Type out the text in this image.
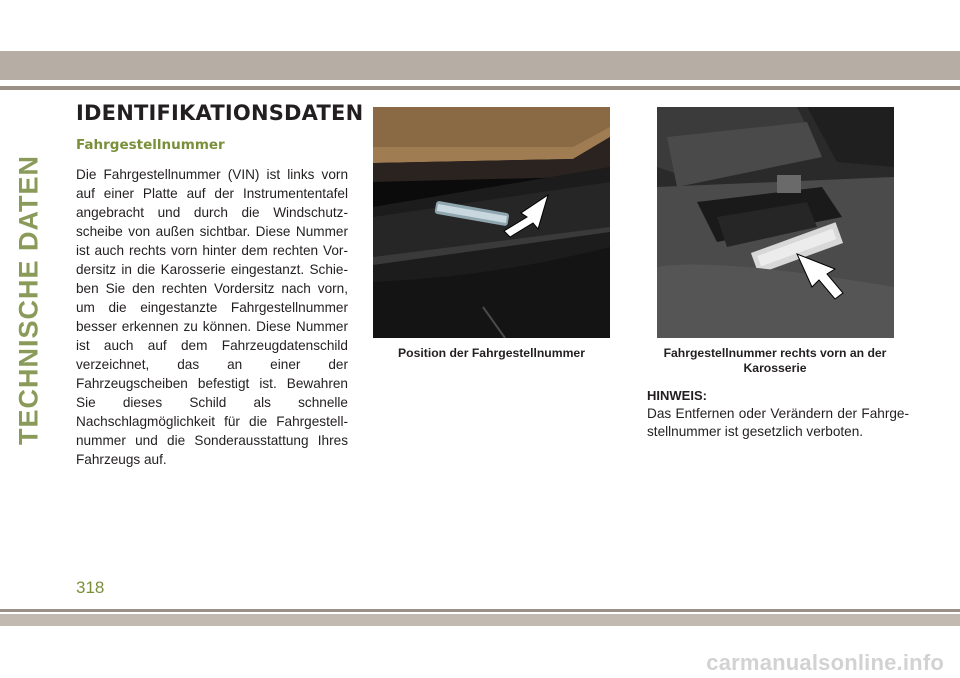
TECHNISCHE DATEN
IDENTIFIKATIONSDATEN
Fahrgestellnummer

Die Fahrgestellnummer (VIN) ist links vorn auf einer Platte auf der Instrumententafel angebracht und durch die Windschutzscheibe von außen sichtbar. Diese Nummer ist auch rechts vorn hinter dem rechten Vordersitz in die Karosserie eingestanzt. Schieben Sie den rechten Vordersitz nach vorn, um die eingestanzte Fahrgestellnummer besser erkennen zu können. Diese Nummer ist auch auf dem Fahrzeugdatenschild verzeichnet, das an einer der Fahrzeugscheiben befestigt ist. Bewahren Sie dieses Schild als schnelle Nachschlagmöglichkeit für die Fahrgestellnummer und die Sonderausstattung Ihres Fahrzeugs auf.

Position der Fahrgestellnummer	Fahrgestellnummer rechts vorn an der Karosserie

HINWEIS:

Das Entfernen oder Verändern der Fahrgestellnummer ist gesetzlich verboten.

318

carmanualsonline.info
